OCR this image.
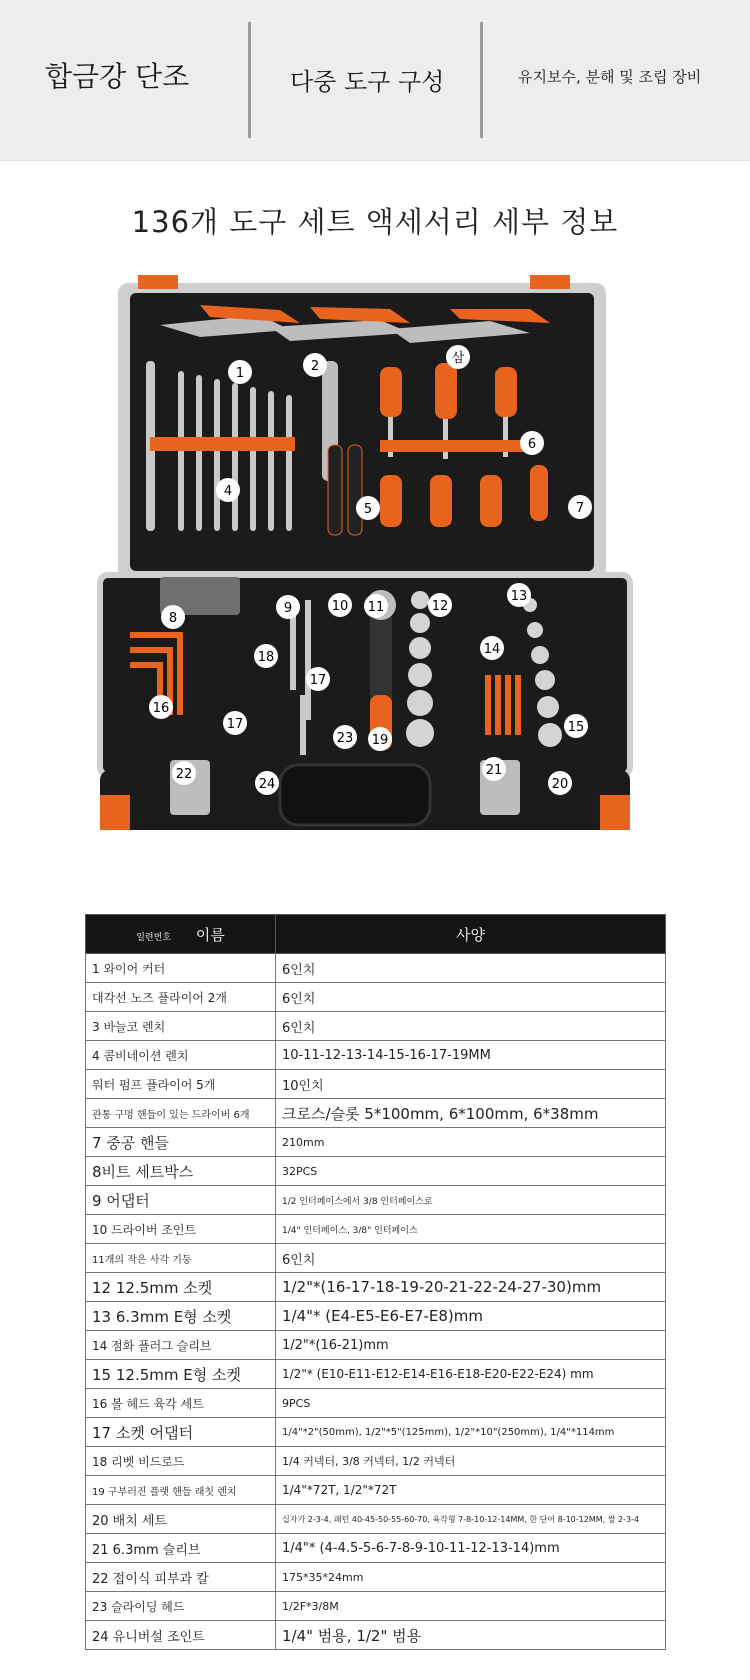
합금강 단조	다중 도구 구성	유지보수, 분해 및 조립 장비
136개 도구 세트 액세서리 세부 정보
1	2
삼
4
5
6
7
8
9	10 11	12
13
14
15
16
17
18
17
19
20
21
22
23
24
일련번호 이름	사양
1 와이어 커터	6인치
대각선 노즈 플라이어 2개	6인치
3 바늘코 렌치	6인치
4 콤비네이션 렌치	10-11-12-13-14-15-16-17-19MM
워터 펌프 플라이어 5개	10인치
관통 구멍 핸들이 있는 드라이버 6개	크로스/슬롯 5*100mm, 6*100mm, 6*38mm
7 중공 핸들	210mm
8비트 세트박스	32PCS
9 어댑터	1/2 인터페이스에서 3/8 인터페이스로
10 드라이버 조인트	1/4" 인터페이스, 3/8" 인터페이스
11개의 작은 사각 기둥	6인치
12 12.5mm 소켓	1/2"*(16-17-18-19-20-21-22-24-27-30)mm
13 6.3mm E형 소켓	1/4"* (E4-E5-E6-E7-E8)mm
14 점화 플러그 슬리브	1/2"*(16-21)mm
15 12.5mm E형 소켓	1/2"* (E10-E11-E12-E14-E16-E18-E20-E22-E24) mm
16 볼 헤드 육각 세트	9PCS
17 소켓 어댑터	1/4"*2"(50mm), 1/2"*5"(125mm), 1/2"*10"(250mm), 1/4"*114mm
18 리벳 비드로드	1/4 커넥터, 3/8 커넥터, 1/2 커넥터
19 구부러진 플랫 핸들 래칫 렌치	1/4"*72T, 1/2"*72T
20 배치 세트	십자가 2-3-4, 패턴 40-45-50-55-60-70, 육각형 7-8-10-12-14MM, 한 단어 8-10-12MM, 쌀 2-3-4
21 6.3mm 슬리브	1/4"* (4-4.5-5-6-7-8-9-10-11-12-13-14)mm
22 접이식 피부과 칼	175*35*24mm
23 슬라이딩 헤드	1/2F*3/8M
24 유니버설 조인트	1/4" 범용, 1/2" 범용
